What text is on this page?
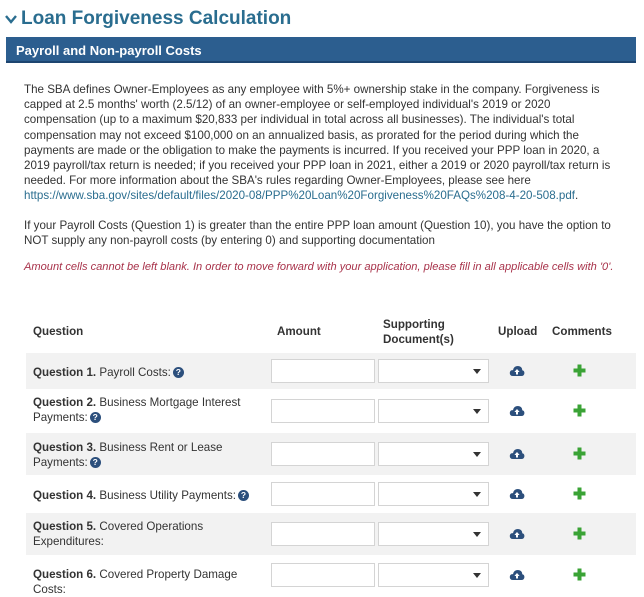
Loan Forgiveness Calculation
Payroll and Non-payroll Costs
The SBA defines Owner-Employees as any employee with 5%+ ownership stake in the company. Forgiveness is capped at 2.5 months' worth (2.5/12) of an owner-employee or self-employed individual's 2019 or 2020 compensation (up to a maximum $20,833 per individual in total across all businesses). The individual's total compensation may not exceed $100,000 on an annualized basis, as prorated for the period during which the payments are made or the obligation to make the payments is incurred. If you received your PPP loan in 2020, a 2019 payroll/tax return is needed; if you received your PPP loan in 2021, either a 2019 or 2020 payroll/tax return is needed. For more information about the SBA's rules regarding Owner-Employees, please see here https://www.sba.gov/sites/default/files/2020-08/PPP%20Loan%20Forgiveness%20FAQs%208-4-20-508.pdf.
If your Payroll Costs (Question 1) is greater than the entire PPP loan amount (Question 10), you have the option to NOT supply any non-payroll costs (by entering 0) and supporting documentation
Amount cells cannot be left blank. In order to move forward with your application, please fill in all applicable cells with '0'.
Question	Amount
Supporting Document(s)
Upload Comments
Question 1. Payroll Costs: ?
Question 2. Business Mortgage Interest Payments: ?
Question 3. Business Rent or Lease Payments: ?
Question 4. Business Utility Payments: ?
Question 5. Covered Operations Expenditures:
Question 6. Covered Property Damage Costs:
